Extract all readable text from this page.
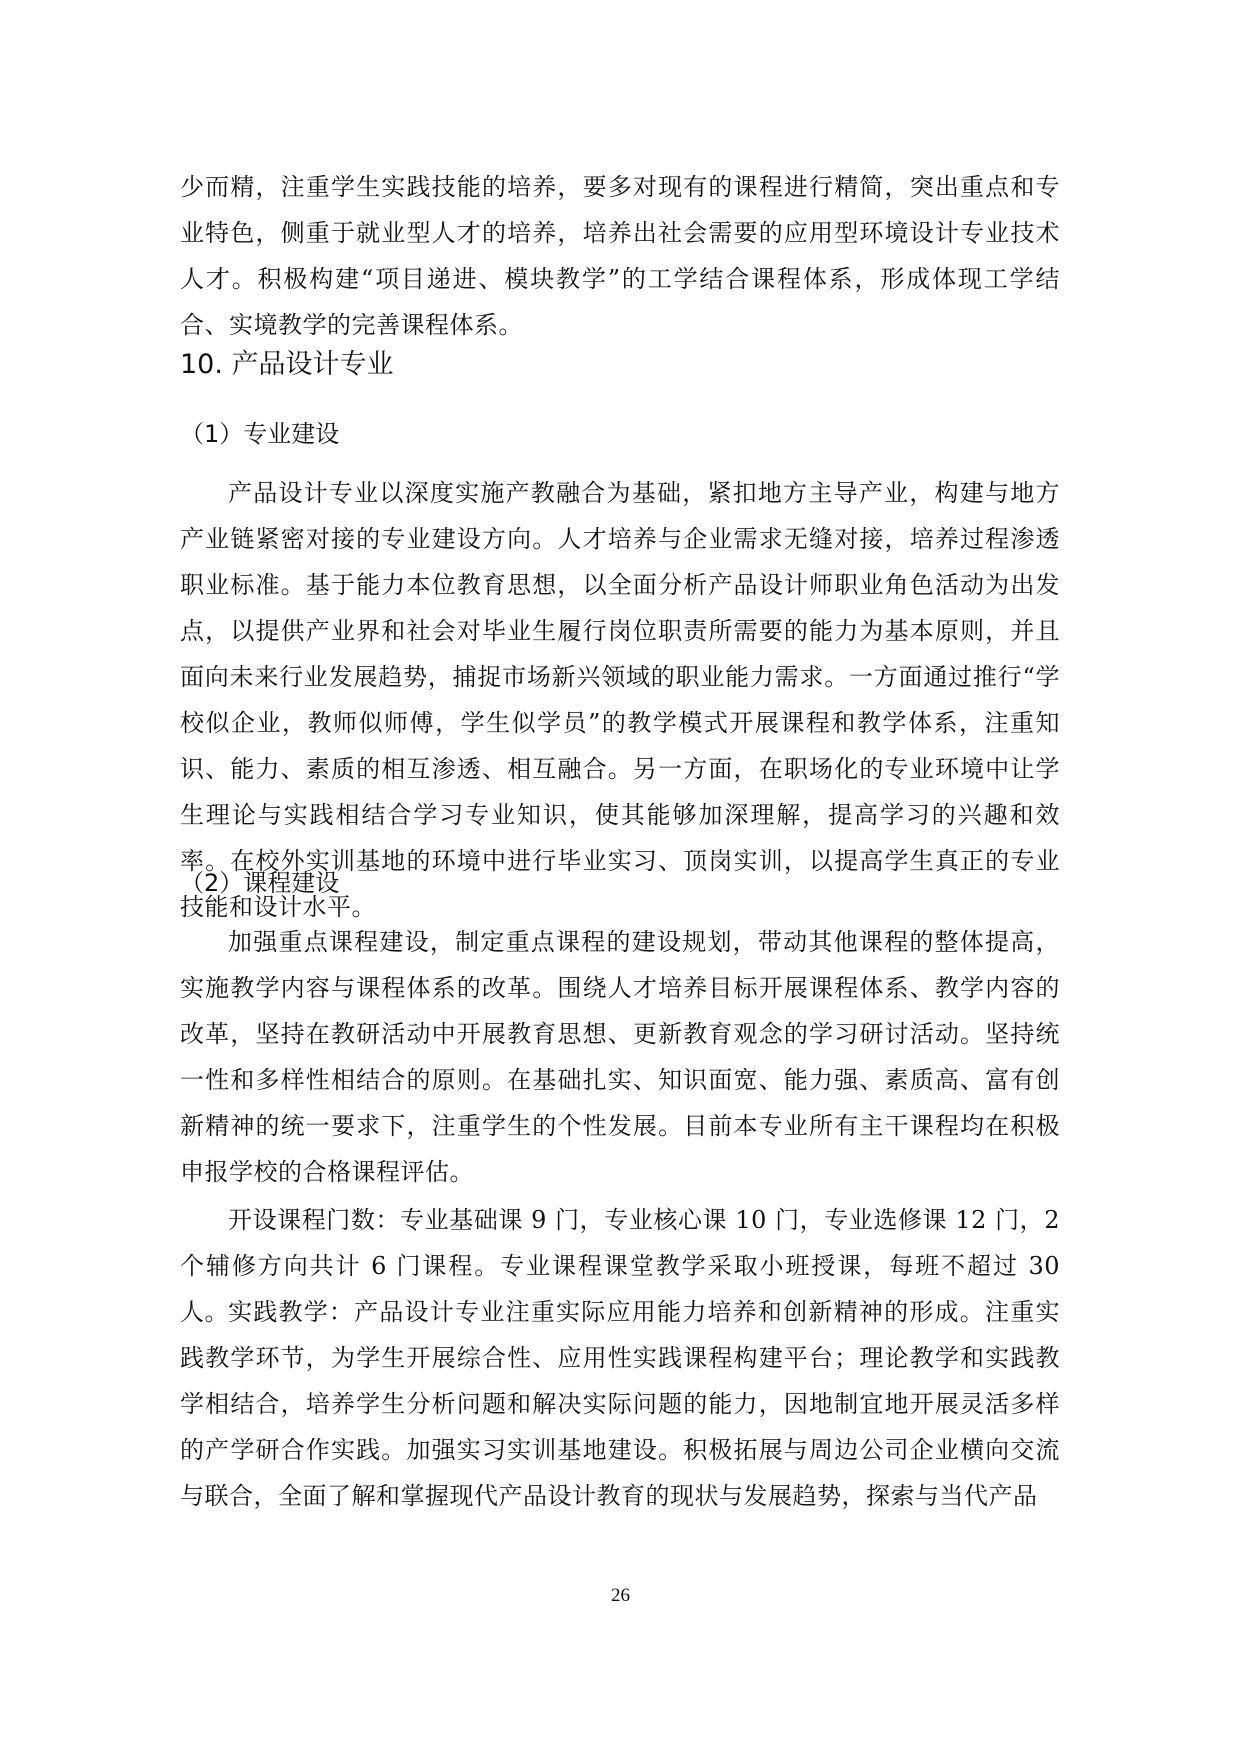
少而精，注重学生实践技能的培养，要多对现有的课程进行精简，突出重点和专业特色，侧重于就业型人才的培养，培养出社会需要的应用型环境设计专业技术人才。积极构建“项目递进、模块教学”的工学结合课程体系，形成体现工学结合、实境教学的完善课程体系。
10. 产品设计专业
（1）专业建设
产品设计专业以深度实施产教融合为基础，紧扣地方主导产业，构建与地方产业链紧密对接的专业建设方向。人才培养与企业需求无缝对接，培养过程渗透职业标准。基于能力本位教育思想，以全面分析产品设计师职业角色活动为出发点，以提供产业界和社会对毕业生履行岗位职责所需要的能力为基本原则，并且面向未来行业发展趋势，捕捉市场新兴领域的职业能力需求。一方面通过推行“学校似企业，教师似师傅，学生似学员”的教学模式开展课程和教学体系，注重知识、能力、素质的相互渗透、相互融合。另一方面，在职场化的专业环境中让学生理论与实践相结合学习专业知识，使其能够加深理解，提高学习的兴趣和效率。在校外实训基地的环境中进行毕业实习、顶岗实训，以提高学生真正的专业技能和设计水平。
（2）课程建设
加强重点课程建设，制定重点课程的建设规划，带动其他课程的整体提高，实施教学内容与课程体系的改革。围绕人才培养目标开展课程体系、教学内容的改革，坚持在教研活动中开展教育思想、更新教育观念的学习研讨活动。坚持统一性和多样性相结合的原则。在基础扎实、知识面宽、能力强、素质高、富有创新精神的统一要求下，注重学生的个性发展。目前本专业所有主干课程均在积极申报学校的合格课程评估。
开设课程门数：专业基础课 9 门，专业核心课 10 门，专业选修课 12 门，2 个辅修方向共计 6 门课程。专业课程课堂教学采取小班授课，每班不超过 30 人。 实践教学：产品设计专业注重实际应用能力培养和创新精神的形成。注重实践教学环节，为学生开展综合性、应用性实践课程构建平台；理论教学和实践教学相结合，培养学生分析问题和解决实际问题的能力，因地制宜地开展灵活多样的产学研合作实践。加强实习实训基地建设。积极拓展与周边公司企业横向交流与联合，全面了解和掌握现代产品设计教育的现状与发展趋势，探索与当代产品
26
